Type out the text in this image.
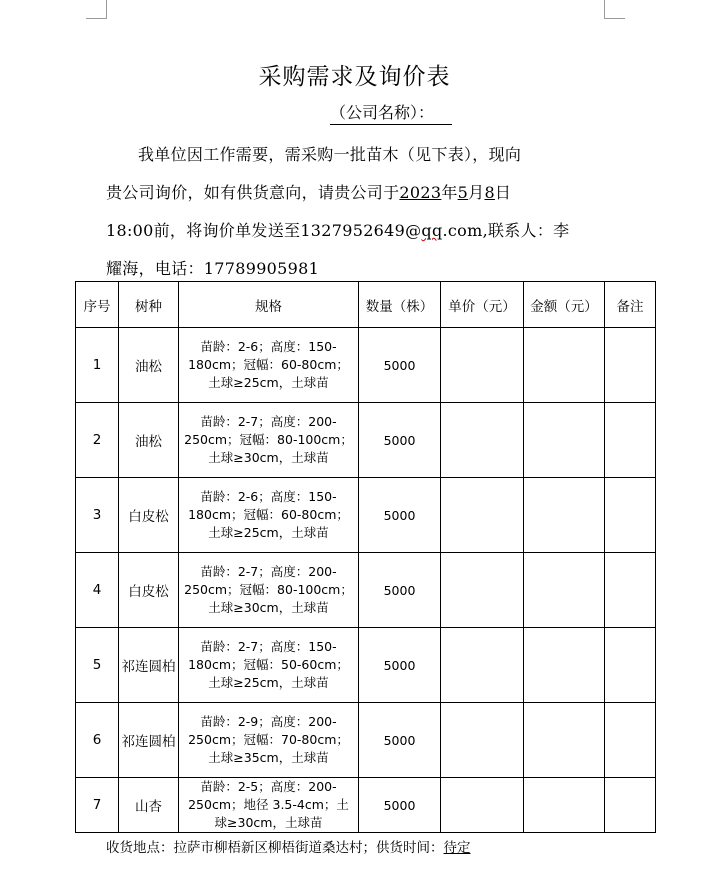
采购需求及询价表
（公司名称）：
我单位因工作需要，需采购一批苗木（见下表），现向
贵公司询价，如有供货意向，请贵公司于2023年5月8日
18:00前，将询价单发送至1327952649@qq.com,联系人：李
耀海，电话：17789905981
序号	树种	规格	数量（株）	单价（元）	金额（元）	备注
1	油松	苗龄：2-6；高度：150-180cm；冠幅：60-80cm；土球≥25cm，土球苗	5000			
2	油松	苗龄：2-7；高度：200-250cm；冠幅：80-100cm；土球≥30cm，土球苗	5000			
3	白皮松	苗龄：2-6；高度：150-180cm；冠幅：60-80cm；土球≥25cm，土球苗	5000			
4	白皮松	苗龄：2-7；高度：200-250cm；冠幅：80-100cm；土球≥30cm，土球苗	5000			
5	祁连圆柏	苗龄：2-7；高度：150-180cm；冠幅：50-60cm；土球≥25cm，土球苗	5000			
6	祁连圆柏	苗龄：2-9；高度：200-250cm；冠幅：70-80cm；土球≥35cm，土球苗	5000			
7	山杏	苗龄：2-5；高度：200-250cm；地径 3.5-4cm；土球≥30cm，土球苗	5000			
收货地点：拉萨市柳梧新区柳梧街道桑达村；供货时间：待定
